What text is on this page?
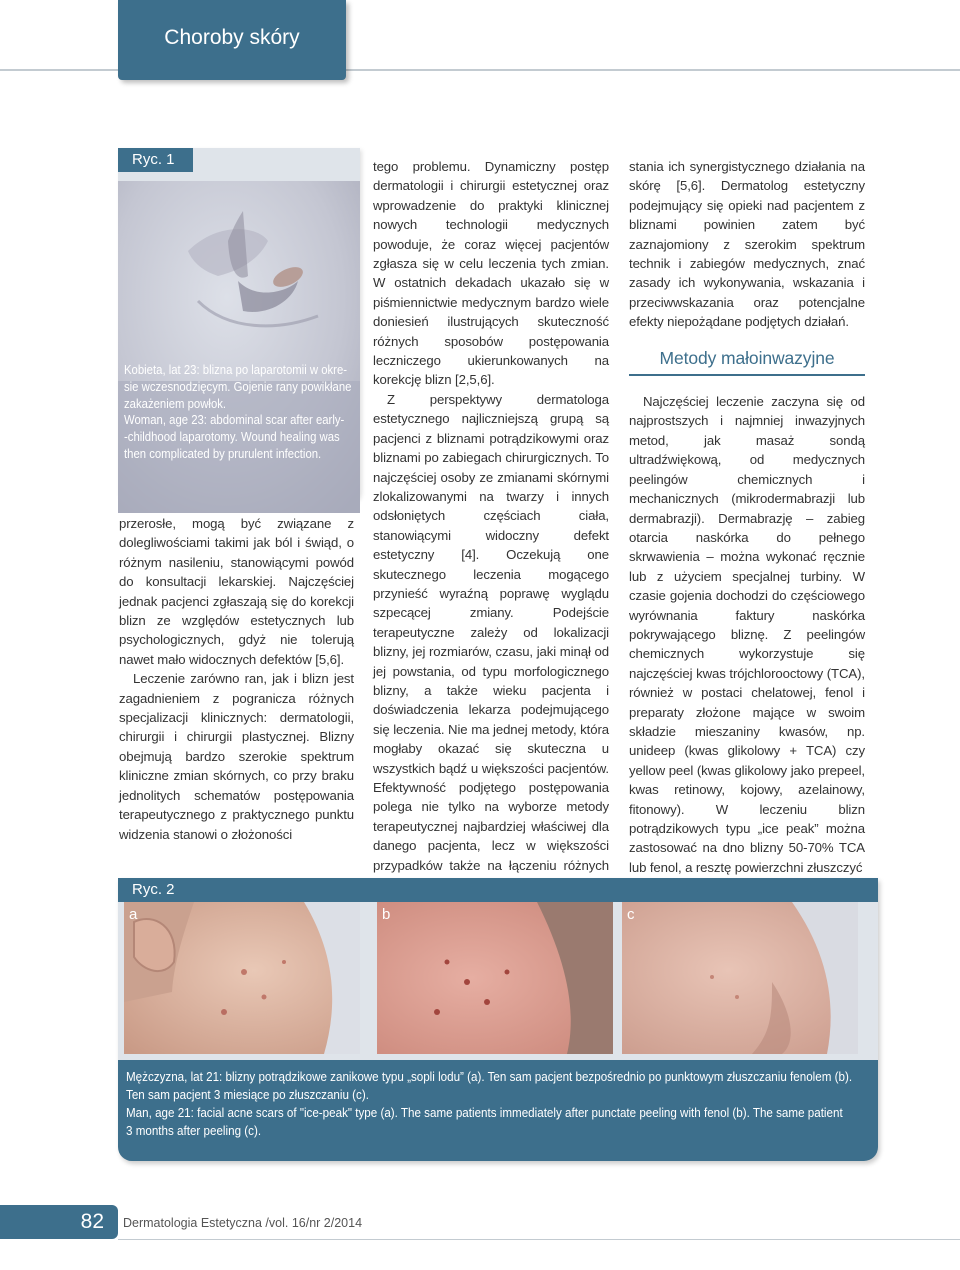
Choroby skóry
Ryc. 1
Kobieta, lat 23: blizna po laparotomii w okre-
sie wczesnodzięcym. Gojenie rany powikłane
zakażeniem powłok.
Woman, age 23: abdominal scar after early-
-childhood laparotomy. Wound healing was
then complicated by prurulent infection.

przerosłe, mogą być związane z dolegliwościami takimi jak ból i świąd, o różnym nasileniu, stanowiącymi powód do konsultacji lekarskiej. Najczęściej jednak pacjenci zgłaszają się do korekcji blizn ze względów estetycznych lub psychologicznych, gdyż nie tolerują nawet mało widocznych defektów [5,6].

Leczenie zarówno ran, jak i blizn jest zagadnieniem z pogranicza różnych specjalizacji klinicznych: dermatologii, chirurgii i chirurgii plastycznej. Blizny obejmują bardzo szerokie spektrum kliniczne zmian skórnych, co przy braku jednolitych schematów postępowania terapeutycznego z praktycznego punktu widzenia stanowi o złożoności

tego problemu. Dynamiczny postęp dermatologii i chirurgii estetycznej oraz wprowadzenie do praktyki klinicznej nowych technologii medycznych powoduje, że coraz więcej pacjentów zgłasza się w celu leczenia tych zmian. W ostatnich dekadach ukazało się w piśmiennictwie medycznym bardzo wiele doniesień ilustrujących skuteczność różnych sposobów postępowania leczniczego ukierunkowanych na korekcję blizn [2,5,6].

Z perspektywy dermatologa estetycznego najliczniejszą grupą są pacjenci z bliznami potrądzikowymi oraz bliznami po zabiegach chirurgicznych. To najczęściej osoby ze zmianami skórnymi zlokalizowanymi na twarzy i innych odsłoniętych częściach ciała, stanowiącymi widoczny defekt estetyczny [4]. Oczekują one skutecznego leczenia mogącego przynieść wyraźną poprawę wyglądu szpecącej zmiany. Podejście terapeutyczne zależy od lokalizacji blizny, jej rozmiarów, czasu, jaki minął od jej powstania, od typu morfologicznego blizny, a także wieku pacjenta i doświadczenia lekarza podejmującego się leczenia. Nie ma jednej metody, która mogłaby okazać się skuteczna u wszystkich bądź u większości pacjentów. Efektywność podjętego postępowania polega nie tylko na wyborze metody terapeutycznej najbardziej właściwej dla danego pacjenta, lecz w większości przypadków także na łączeniu różnych

stania ich synergistycznego działania na skórę [5,6]. Dermatolog estetyczny podejmujący się opieki nad pacjentem z bliznami powinien zatem być zaznajomiony z szerokim spektrum technik i zabiegów medycznych, znać zasady ich wykonywania, wskazania i przeciwwskazania oraz potencjalne efekty niepożądane podjętych działań.

Metody małoinwazyjne

Najczęściej leczenie zaczyna się od najprostszych i najmniej inwazyjnych metod, jak masaż sondą ultradźwiękową, od medycznych peelingów chemicznych i mechanicznych (mikrodermabrazji lub dermabrazji). Dermabrazję – zabieg otarcia naskórka do pełnego skrwawienia – można wykonać ręcznie lub z użyciem specjalnej turbiny. W czasie gojenia dochodzi do częściowego wyrównania faktury naskórka pokrywającego bliznę. Z peelingów chemicznych wykorzystuje się najczęściej kwas trójchlorooctowy (TCA), również w postaci chelatowej, fenol i preparaty złożone mające w swoim składzie mieszaniny kwasów, np. unideep (kwas glikolowy + TCA) czy yellow peel (kwas glikolowy jako prepeel, kwas retinowy, kojowy, azelainowy, fitonowy). W leczeniu blizn potrądzikowych typu „ice peak” można zastosować na dno blizny 50-70% TCA lub fenol, a resztę powierzchni złuszczyć

a	b	c
Ryc. 2
Mężczyzna, lat 21: blizny potrądzikowe zanikowe typu „sopli lodu” (a). Ten sam pacjent bezpośrednio po punktowym złuszczaniu fenolem (b).
Ten sam pacjent 3 miesiące po złuszczaniu (c).
Man, age 21: facial acne scars of "ice-peak" type (a). The same patients immediately after punctate peeling with fenol (b). The same patient
3 months after peeling (c).
82 Dermatologia Estetyczna /vol. 16/nr 2/2014
